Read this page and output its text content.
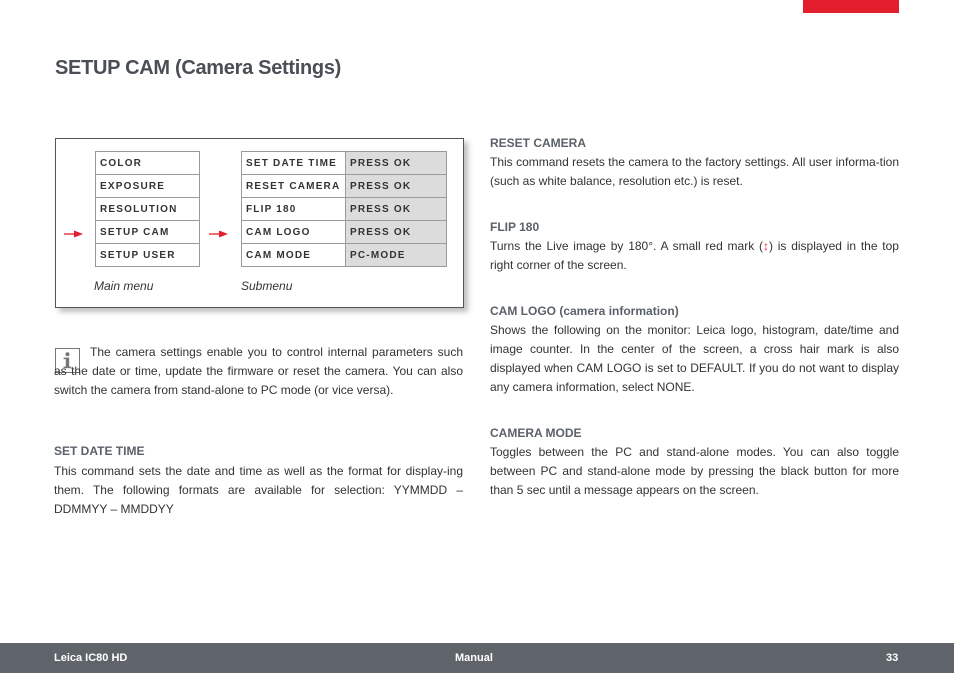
SETUP CAM (Camera Settings)
COLOR
EXPOSURE
RESOLUTION
SETUP CAM
SETUP USER
SET DATE TIME	PRESS OK
RESET CAMERA	PRESS OK
FLIP 180	PRESS OK
CAM LOGO	PRESS OK
CAM MODE	PC-MODE
Main menu	Submenu

The camera settings enable you to control internal parameters such as the date or time, update the firmware or reset the camera. You can also switch the camera from stand-alone to PC mode (or vice versa).

SET DATE TIME

This command sets the date and time as well as the format for display-ing them. The following formats are available for selection: YYMMDD – DDMMYY – MMDDYY

RESET CAMERA

This command resets the camera to the factory settings. All user informa-tion (such as white balance, resolution etc.) is reset.

FLIP 180

Turns the Live image by 180°. A small red mark (↕) is displayed in the top right corner of the screen.

CAM LOGO (camera information)

Shows the following on the monitor: Leica logo, histogram, date/time and image counter. In the center of the screen, a cross hair mark is also displayed when CAM LOGO is set to DEFAULT. If you do not want to display any camera information, select NONE.

CAMERA MODE

Toggles between the PC and stand-alone modes. You can also toggle between PC and stand-alone mode by pressing the black button for more than 5 sec until a message appears on the screen.

Leica IC80 HD	Manual	33
